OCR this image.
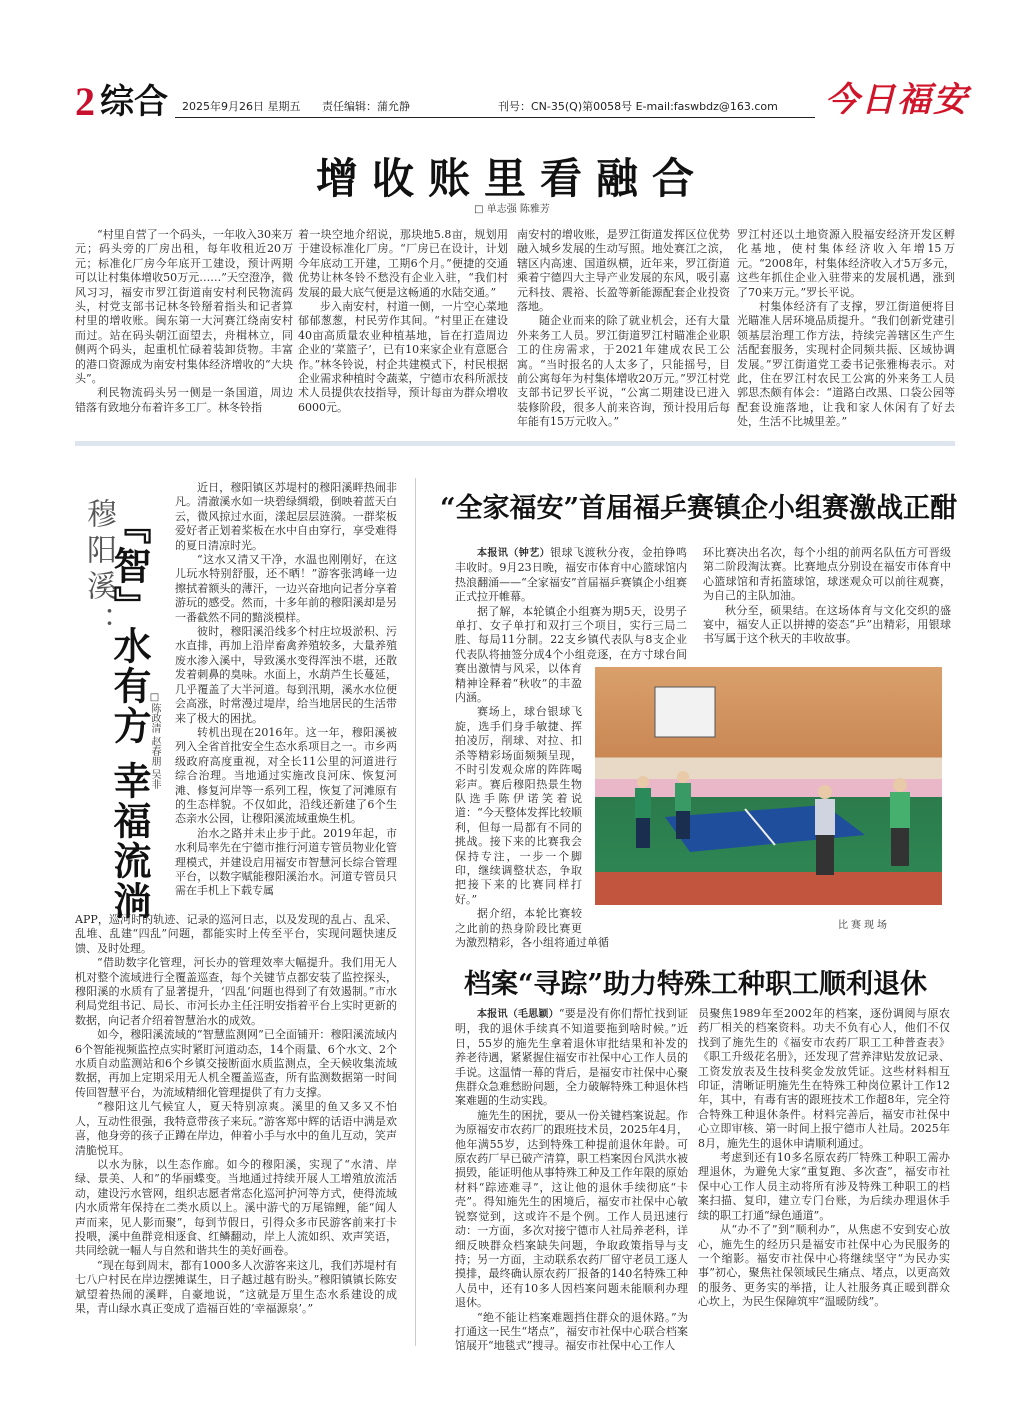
2 综合 2025年9月26日 星期五 责任编辑：蒲允静	刊号：CN-35(Q)第0058号 E-mail:faswbdz@163.com 今日福安
增收账里看融合
□ 单志强 陈雅芳

“村里自营了一个码头，一年收入30来万元；码头旁的厂房出租，每年收租近20万元；标准化厂房今年底开工建设，预计两期可以让村集体增收50万元……”天空澄净，微风习习，福安市罗江街道南安村利民物流码头，村党支部书记林冬铃掰着指头和记者算村里的增收账。闽东第一大河赛江绕南安村而过。站在码头朝江面望去，舟楫林立，同侧两个码头，起重机忙碌着装卸货物。丰富的港口资源成为南安村集体经济增收的“大块头”。

利民物流码头另一侧是一条国道，周边错落有致地分布着许多工厂。林冬铃指

着一块空地介绍说，那块地5.8亩，规划用于建设标准化厂房。“厂房已在设计，计划今年底动工开建，工期6个月。”便捷的交通优势让林冬铃不愁没有企业入驻，“我们村发展的最大底气便是这畅通的水陆交通。”

步入南安村，村道一侧，一片空心菜地郁郁葱葱，村民劳作其间。“村里正在建设40亩高质量农业种植基地，旨在打造周边企业的‘菜篮子’，已有10来家企业有意愿合作。”林冬铃说，村企共建模式下，村民根据企业需求种植时令蔬菜，宁德市农科所派技术人员提供农技指导，预计每亩为群众增收6000元。

南安村的增收账，是罗江街道发挥区位优势融入城乡发展的生动写照。地处赛江之滨，辖区内高速、国道纵横，近年来，罗江街道乘着宁德四大主导产业发展的东风，吸引嘉元科技、震裕、长盈等新能源配套企业投资落地。

随企业而来的除了就业机会，还有大量外来务工人员。罗江街道罗江村瞄准企业职工的住房需求，于2021年建成农民工公寓。“当时报名的人太多了，只能摇号，目前公寓每年为村集体增收20万元。”罗江村党支部书记罗长平说，“公寓二期建设已进入装修阶段，很多人前来咨询，预计投用后每年能有15万元收入。”

罗江村还以土地资源入股福安经济开发区孵化基地，使村集体经济收入年增15万元。“2008年，村集体经济收入才5万多元，这些年抓住企业入驻带来的发展机遇，涨到了70来万元。”罗长平说。

村集体经济有了支撑，罗江街道便将目光瞄准人居环境品质提升。“我们创新党建引领基层治理工作方法，持续完善辖区生产生活配套服务，实现村企同频共振、区域协调发展。”罗江街道党工委书记张雅梅表示。对此，住在罗江村农民工公寓的外来务工人员郭思杰颇有体会：“道路白改黑、口袋公园等配套设施落地，让我和家人休闲有了好去处，生活不比城里差。”

穆阳溪：
『智』水有方 幸福流淌
□陈政清 赵春朋 吴非

近日，穆阳镇区苏堤村的穆阳溪畔热闹非凡。清澈溪水如一块碧绿绸缎，倒映着蓝天白云，微风掠过水面，漾起层层涟漪。一群桨板爱好者正划着桨板在水中自由穿行，享受难得的夏日清凉时光。

“这水又清又干净，水温也刚刚好，在这儿玩水特别舒服，还不晒！”游客张鸿峰一边擦拭着额头的薄汗，一边兴奋地向记者分享着游玩的感受。然而，十多年前的穆阳溪却是另一番截然不同的黯淡模样。

彼时，穆阳溪沿线多个村庄垃圾淤积、污水直排，再加上沿岸畜禽养殖较多，大量养殖废水渗入溪中，导致溪水变得浑浊不堪，还散发着刺鼻的臭味。水面上，水葫芦生长蔓延，几乎覆盖了大半河道。每到汛期，溪水水位便会高涨，时常漫过堤岸，给当地居民的生活带来了极大的困扰。

转机出现在2016年。这一年，穆阳溪被列入全省首批安全生态水系项目之一。市乡两级政府高度重视，对全长11公里的河道进行综合治理。当地通过实施改良河床、恢复河滩、修复河岸等一系列工程，恢复了河滩原有的生态样貌。不仅如此，沿线还新建了6个生态亲水公园，让穆阳溪流域重焕生机。

治水之路并未止步于此。2019年起，市水利局率先在宁德市推行河道专管员物业化管理模式，并建设启用福安市智慧河长综合管理平台，以数字赋能穆阳溪治水。河道专管员只需在手机上下载专属

APP，巡河时的轨迹、记录的巡河日志，以及发现的乱占、乱采、乱堆、乱建“四乱”问题，都能实时上传至平台，实现问题快速反馈、及时处理。

“借助数字化管理，河长办的管理效率大幅提升。我们用无人机对整个流域进行全覆盖巡查，每个关键节点都安装了监控探头，穆阳溪的水质有了显著提升，‘四乱’问题也得到了有效遏制。”市水利局党组书记、局长、市河长办主任汪明安指着平台上实时更新的数据，向记者介绍着智慧治水的成效。

如今，穆阳溪流域的“智慧监测网”已全面铺开：穆阳溪流域内6个智能视频监控点实时紧盯河道动态，14个雨量、6个水文、2个水质自动监测站和6个乡镇交接断面水质监测点，全天候收集流域数据，再加上定期采用无人机全覆盖巡查，所有监测数据第一时间传回智慧平台，为流域精细化管理提供了有力支撑。

“穆阳这儿气候宜人，夏天特别凉爽。溪里的鱼又多又不怕人，互动性很强，我特意带孩子来玩。”游客郑中辉的话语中满是欢喜，他身旁的孩子正蹲在岸边，伸着小手与水中的鱼儿互动，笑声清脆悦耳。

以水为脉，以生态作廊。如今的穆阳溪，实现了“水清、岸绿、景美、人和”的华丽蝶变。当地通过持续开展人工增殖放流活动，建设污水管网，组织志愿者常态化巡河护河等方式，使得流域内水质常年保持在二类水质以上。溪中游弋的万尾锦鲤，能“闻人声而来，见人影而聚”，每到节假日，引得众多市民游客前来打卡投喂，溪中鱼群竞相逐食、红鳞翻动，岸上人流如织、欢声笑语，共同绘就一幅人与自然和谐共生的美好画卷。

“现在每到周末，都有1000多人次游客来这儿，我们苏堤村有七八户村民在岸边摆摊谋生，日子越过越有盼头。”穆阳镇镇长陈安斌望着热闹的溪畔，自豪地说，“这就是万里生态水系建设的成果，青山绿水真正变成了造福百姓的‘幸福源泉’。”

“全家福安”首届福乒赛镇企小组赛激战正酣

本报讯（钟艺）银球飞渡秋分夜，金拍铮鸣丰收时。9月23日晚，福安市体育中心篮球馆内热浪翻涌——“全家福安”首届福乒赛镇企小组赛正式拉开帷幕。

据了解，本轮镇企小组赛为期5天，设男子单打、女子单打和双打三个项目，实行三局二胜、每局11分制。22支乡镇代表队与8支企业代表队将抽签分成4个小组竞逐，在方寸球台间赛出激情与风采，以体育精神诠释着“秋收”的丰盈内涵。

赛场上，球台银球飞旋，选手们身手敏捷、挥拍凌厉，削球、对拉、扣杀等精彩场面频频呈现，不时引发观众席的阵阵喝彩声。赛后穆阳热景生物队选手陈伊诺笑着说道：“今天整体发挥比较顺利，但每一局都有不同的挑战。接下来的比赛我会保持专注，一步一个脚印，继续调整状态，争取把接下来的比赛同样打好。”

据介绍，本轮比赛较之此前的热身阶段比赛更为激烈精彩，各小组将通过单循

环比赛决出名次，每个小组的前两名队伍方可晋级第二阶段淘汰赛。比赛地点分别设在福安市体育中心篮球馆和青拓篮球馆，球迷观众可以前往观赛，为自己的主队加油。

秋分至，硕果结。在这场体育与文化交织的盛宴中，福安人正以拼搏的姿态“乒”出精彩，用银球书写属于这个秋天的丰收故事。

比赛现场
档案“寻踪”助力特殊工种职工顺利退休

本报讯（毛思颖）“要是没有你们帮忙找到证明，我的退休手续真不知道要拖到啥时候。”近日，55岁的施先生拿着退休审批结果和补发的养老待遇，紧紧握住福安市社保中心工作人员的手说。这温情一幕的背后，是福安市社保中心聚焦群众急难愁盼问题，全力破解特殊工种退休档案难题的生动实践。

施先生的困扰，要从一份关键档案说起。作为原福安市农药厂的跟班技术员，2025年4月，他年满55岁，达到特殊工种提前退休年龄。可原农药厂早已破产清算，职工档案因台风洪水被损毁，能证明他从事特殊工种及工作年限的原始材料“踪迹难寻”，这让他的退休手续彻底“卡壳”。得知施先生的困境后，福安市社保中心敏锐察觉到，这或许不是个例。工作人员迅速行动：一方面，多次对接宁德市人社局养老科，详细反映群众档案缺失问题，争取政策指导与支持；另一方面，主动联系农药厂留守老员工逐人摸排，最终确认原农药厂报备的140名特殊工种人员中，还有10多人因档案问题未能顺利办理退休。

“绝不能让档案难题挡住群众的退休路。”为打通这一民生“堵点”，福安市社保中心联合档案馆展开“地毯式”搜寻。福安市社保中心工作人

员聚焦1989年至2002年的档案，逐份调阅与原农药厂相关的档案资料。功夫不负有心人，他们不仅找到了施先生的《福安市农药厂职工工种普查表》《职工升级花名册》，还发现了营养津贴发放记录、工资发放表及生技科奖金发放凭证。这些材料相互印证，清晰证明施先生在特殊工种岗位累计工作12年，其中，有毒有害的跟班技术工作超8年，完全符合特殊工种退休条件。材料完善后，福安市社保中心立即审核、第一时间上报宁德市人社局。2025年8月，施先生的退休申请顺利通过。

考虑到还有10多名原农药厂特殊工种职工需办理退休，为避免大家“重复跑、多次查”，福安市社保中心工作人员主动将所有涉及特殊工种职工的档案扫描、复印，建立专门台账，为后续办理退休手续的职工打通“绿色通道”。

从“办不了”到“顺利办”，从焦虑不安到安心放心，施先生的经历只是福安市社保中心为民服务的一个缩影。福安市社保中心将继续坚守“为民办实事”初心，聚焦社保领域民生痛点、堵点，以更高效的服务、更务实的举措，让人社服务真正暖到群众心坎上，为民生保障筑牢“温暖防线”。
